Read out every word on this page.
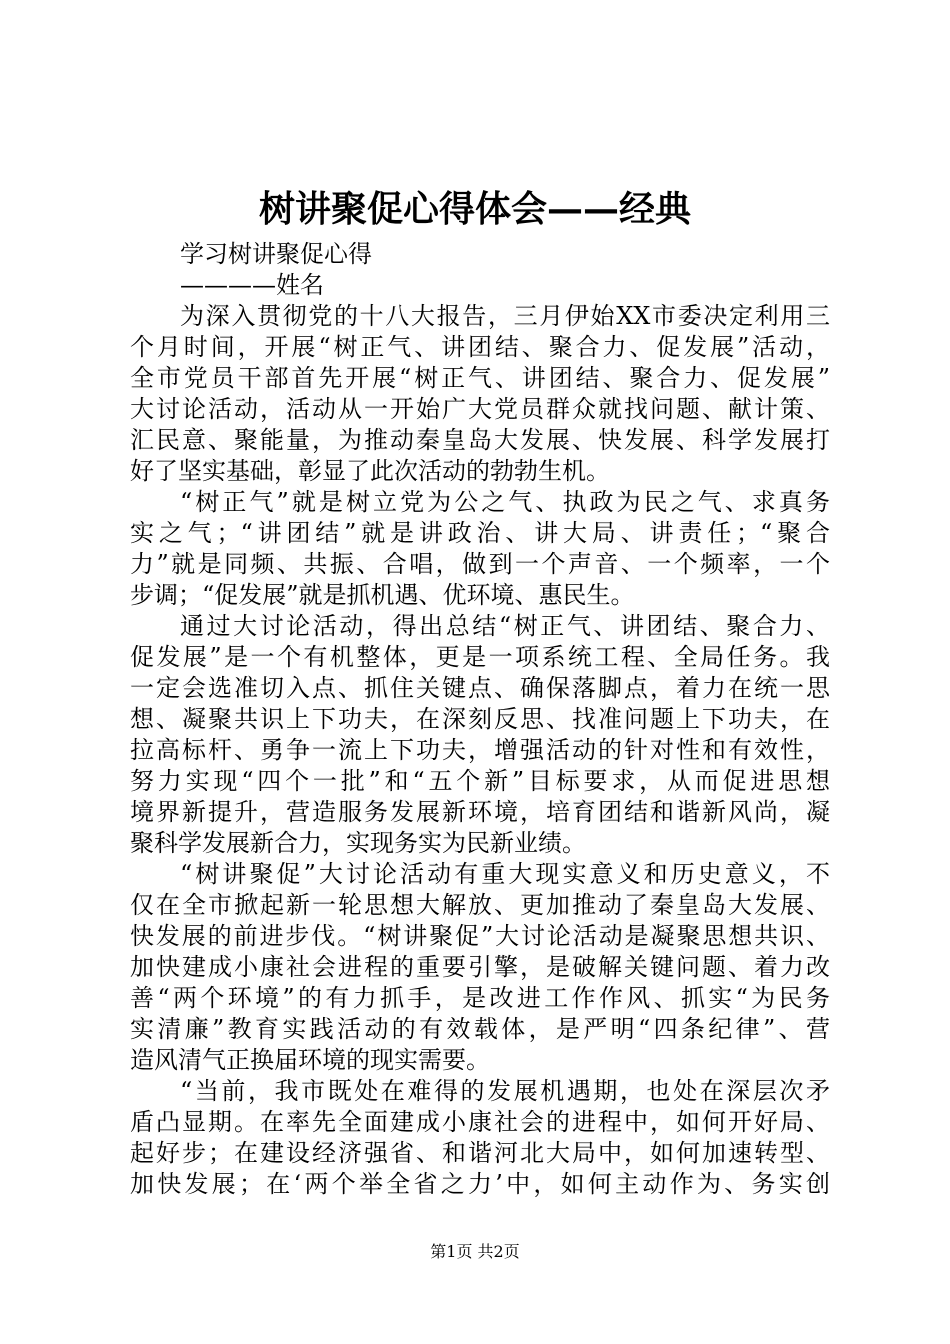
树讲聚促心得体会——经典
学习树讲聚促心得
————姓名
为深入贯彻党的十八大报告，三月伊始XX市委决定利用三
个月时间，开展“树正气、讲团结、聚合力、促发展”活动，
全市党员干部首先开展“树正气、讲团结、聚合力、促发展”
大讨论活动，活动从一开始广大党员群众就找问题、献计策、
汇民意、聚能量，为推动秦皇岛大发展、快发展、科学发展打
好了坚实基础，彰显了此次活动的勃勃生机。
“树正气”就是树立党为公之气、执政为民之气、求真务
实之气；“讲团结”就是讲政治、讲大局、讲责任；“聚合
力”就是同频、共振、合唱，做到一个声音、一个频率，一个
步调；“促发展”就是抓机遇、优环境、惠民生。
通过大讨论活动，得出总结“树正气、讲团结、聚合力、
促发展”是一个有机整体，更是一项系统工程、全局任务。我
一定会选准切入点、抓住关键点、确保落脚点，着力在统一思
想、凝聚共识上下功夫，在深刻反思、找准问题上下功夫，在
拉高标杆、勇争一流上下功夫，增强活动的针对性和有效性，
努力实现“四个一批”和“五个新”目标要求，从而促进思想
境界新提升，营造服务发展新环境，培育团结和谐新风尚，凝
聚科学发展新合力，实现务实为民新业绩。
“树讲聚促”大讨论活动有重大现实意义和历史意义，不
仅在全市掀起新一轮思想大解放、更加推动了秦皇岛大发展、
快发展的前进步伐。“树讲聚促”大讨论活动是凝聚思想共识、
加快建成小康社会进程的重要引擎，是破解关键问题、着力改
善“两个环境”的有力抓手，是改进工作作风、抓实“为民务
实清廉”教育实践活动的有效载体，是严明“四条纪律”、营
造风清气正换届环境的现实需要。
“当前，我市既处在难得的发展机遇期，也处在深层次矛
盾凸显期。在率先全面建成小康社会的进程中，如何开好局、
起好步；在建设经济强省、和谐河北大局中，如何加速转型、
加快发展；在‘两个举全省之力’中，如何主动作为、务实创
第1页 共2页
